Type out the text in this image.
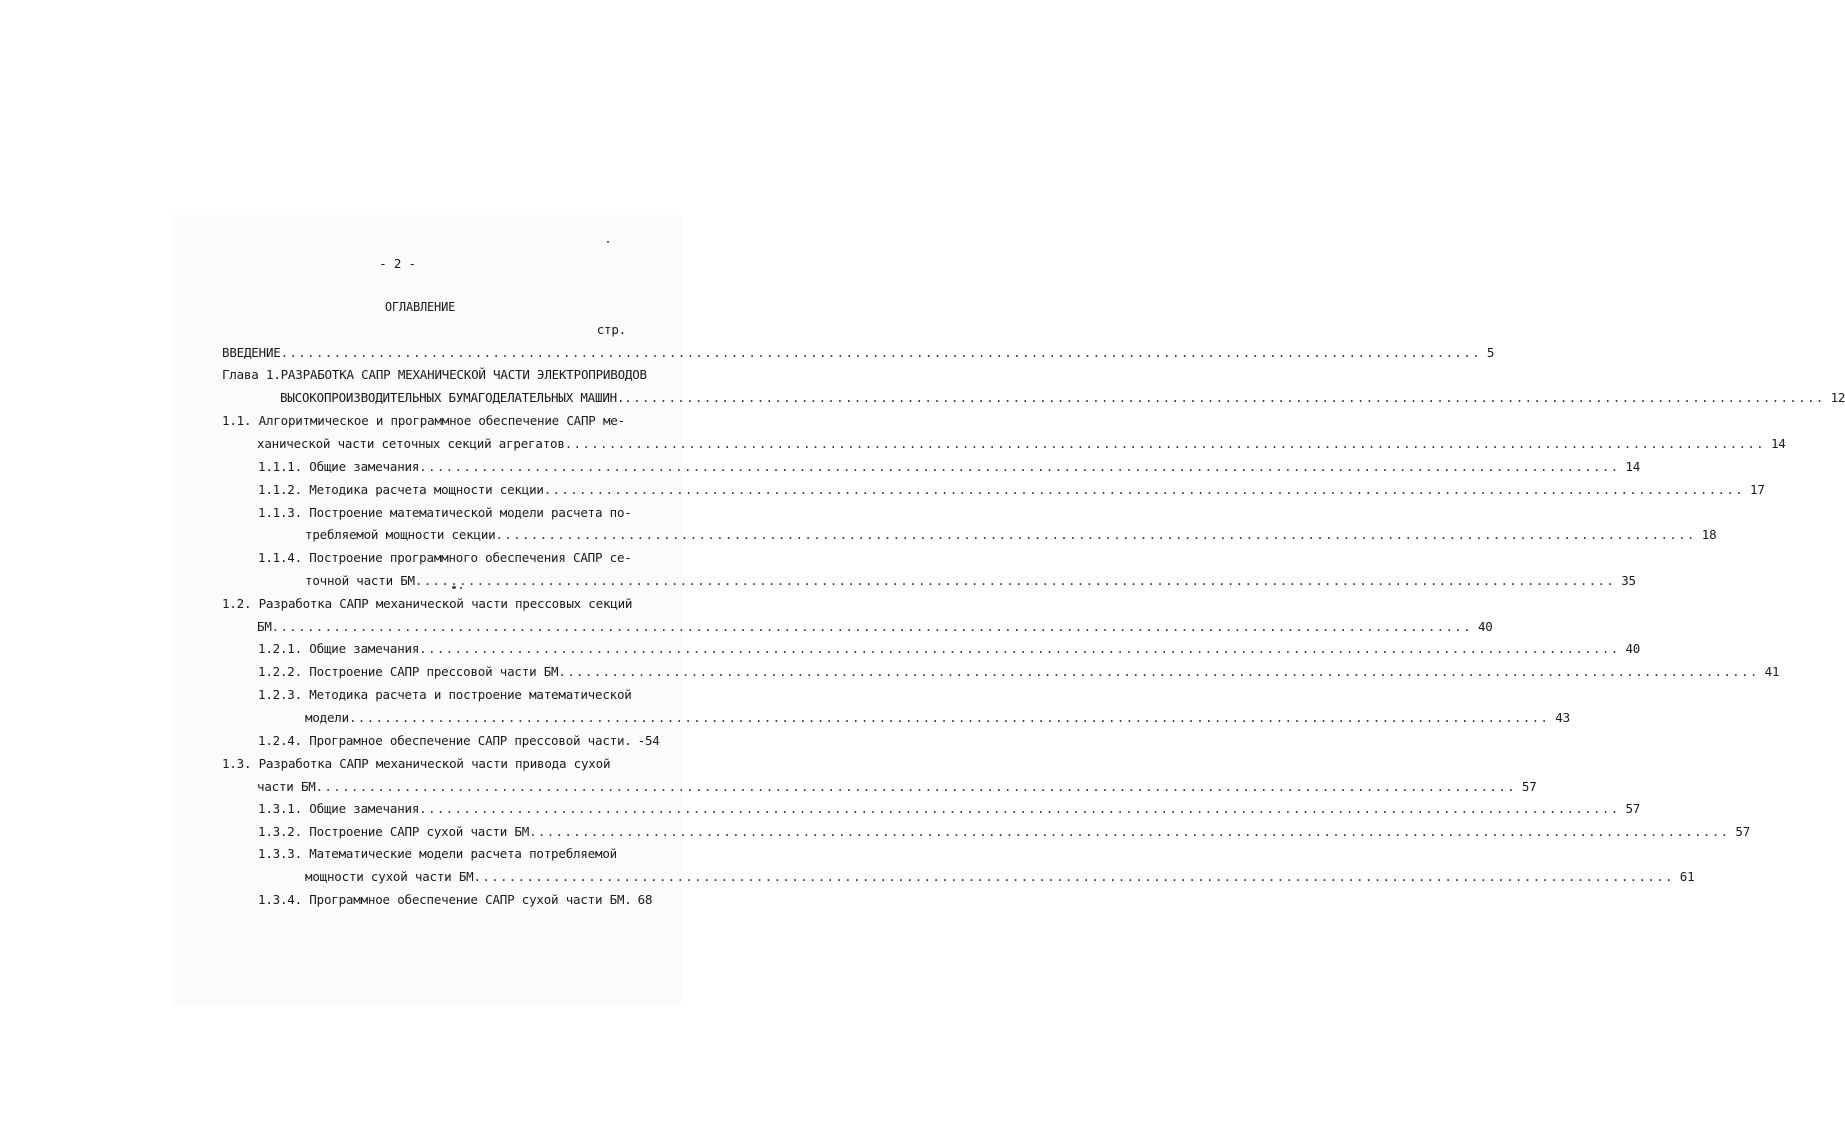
- 2 -
ОГЛАВЛЕНИЕ
стр.
ВВЕДЕНИЕ .....	5
Глава 1.РАЗРАБОТКА САПР МЕХАНИЧЕСКОЙ ЧАСТИ ЭЛЕКТРОПРИВОДОВ
ВЫСОКОПРОИЗВОДИТЕЛЬНЫХ БУМАГОДЕЛАТЕЛЬНЫХ МАШИН. .....	12
1.1. Алгоритмическое и программное обеспечение САПР ме-
ханической части сеточных секций агрегатов .....	14
1.1.1. Общие замечания .....	14
1.1.2. Методика расчета мощности секции .....	17
1.1.3. Построение математической модели расчета по-
требляемой мощности секции .....	18
1.1.4. Построение программного обеспечения САПР се-
точной части БМ .....	35
1.2. Разработка САПР механической части прессовых секций
БМ .....	40
1.2.1. Общие замечания .....	40
1.2.2. Построение САПР прессовой части БМ .....	41
1.2.3. Методика расчета и построение математической
модели .....	43
1.2.4. Програмное обеспечение САПР прессовой части. -54
1.3. Разработка САПР механической части привода сухой
части БМ .....	57
1.3.1. Общие замечания .....	57
1.3.2. Построение САПР сухой части БМ .....	57
1.3.3. Математические модели расчета потребляемой
мощности сухой части БМ .....	61
1.3.4. Программное обеспечение САПР сухой части БМ. 68
